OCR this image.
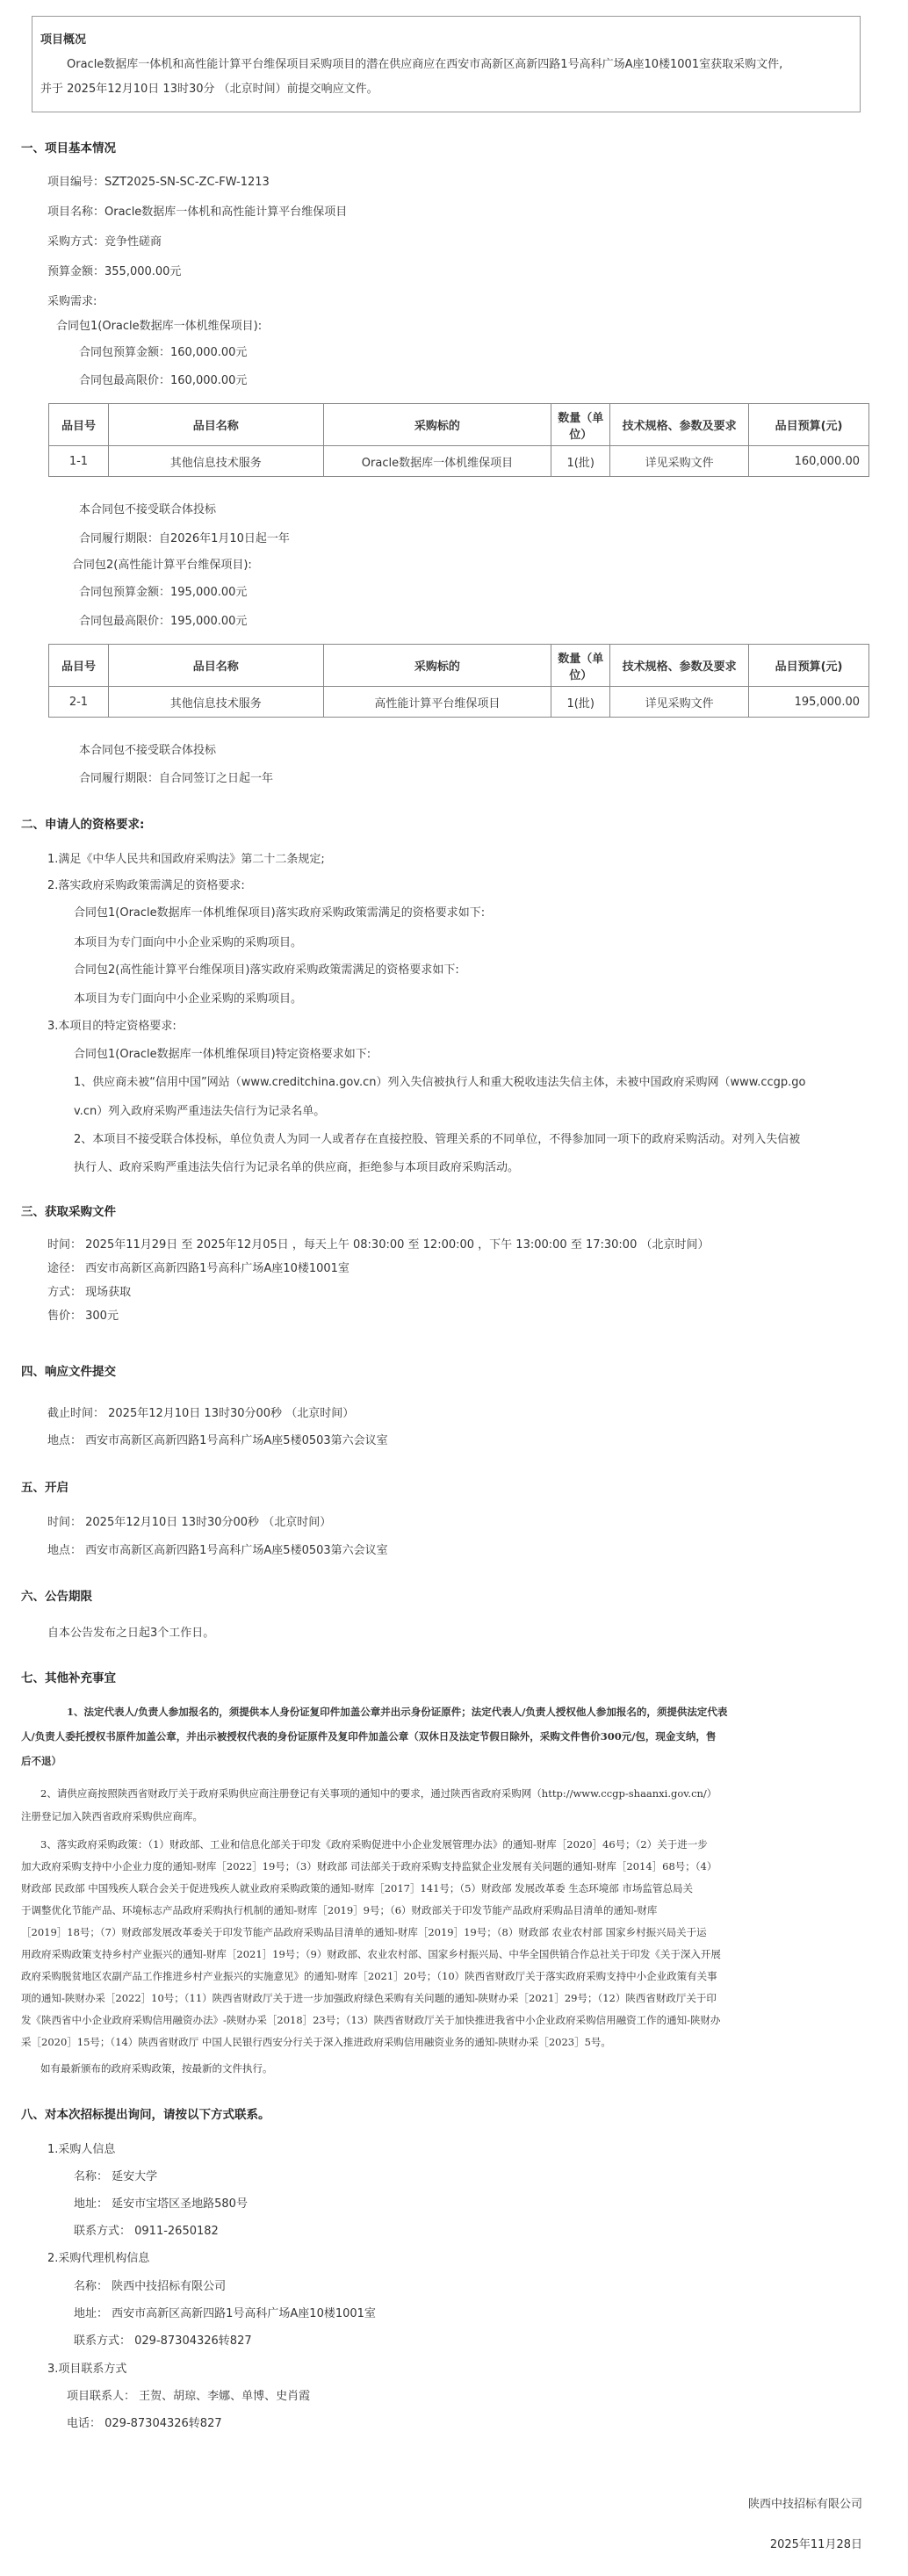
项目概况
Oracle数据库一体机和高性能计算平台维保项目采购项目的潜在供应商应在西安市高新区高新四路1号高科广场A座10楼1001室获取采购文件,
并于 2025年12月10日 13时30分 （北京时间）前提交响应文件。
一、项目基本情况
项目编号：SZT2025-SN-SC-ZC-FW-1213
项目名称：Oracle数据库一体机和高性能计算平台维保项目
采购方式：竞争性磋商
预算金额：355,000.00元
采购需求:
合同包1(Oracle数据库一体机维保项目):
合同包预算金额：160,000.00元
合同包最高限价：160,000.00元
品目号	品目名称	采购标的	数量（单
位）	技术规格、参数及要求	品目预算(元)
1-1	其他信息技术服务	Oracle数据库一体机维保项目	1(批)	详见采购文件	160,000.00
本合同包不接受联合体投标
合同履行期限：自2026年1月10日起一年
合同包2(高性能计算平台维保项目):
合同包预算金额：195,000.00元
合同包最高限价：195,000.00元
品目号	品目名称	采购标的	数量（单
位）	技术规格、参数及要求	品目预算(元)
2-1	其他信息技术服务	高性能计算平台维保项目	1(批)	详见采购文件	195,000.00
本合同包不接受联合体投标
合同履行期限：自合同签订之日起一年
二、申请人的资格要求:
1.满足《中华人民共和国政府采购法》第二十二条规定;
2.落实政府采购政策需满足的资格要求:
合同包1(Oracle数据库一体机维保项目)落实政府采购政策需满足的资格要求如下:
本项目为专门面向中小企业采购的采购项目。
合同包2(高性能计算平台维保项目)落实政府采购政策需满足的资格要求如下:
本项目为专门面向中小企业采购的采购项目。
3.本项目的特定资格要求:
合同包1(Oracle数据库一体机维保项目)特定资格要求如下:
1、供应商未被“信用中国”网站（www.creditchina.gov.cn）列入失信被执行人和重大税收违法失信主体，未被中国政府采购网（www.ccgp.go
v.cn）列入政府采购严重违法失信行为记录名单。
2、本项目不接受联合体投标，单位负责人为同一人或者存在直接控股、管理关系的不同单位，不得参加同一项下的政府采购活动。对列入失信被
执行人、政府采购严重违法失信行为记录名单的供应商，拒绝参与本项目政府采购活动。
三、获取采购文件
时间： 2025年11月29日 至 2025年12月05日 ，每天上午 08:30:00 至 12:00:00 ，下午 13:00:00 至 17:30:00 （北京时间）
途径： 西安市高新区高新四路1号高科广场A座10楼1001室
方式： 现场获取
售价： 300元
四、响应文件提交
截止时间： 2025年12月10日 13时30分00秒 （北京时间）
地点： 西安市高新区高新四路1号高科广场A座5楼0503第六会议室
五、开启
时间： 2025年12月10日 13时30分00秒 （北京时间）
地点： 西安市高新区高新四路1号高科广场A座5楼0503第六会议室
六、公告期限
自本公告发布之日起3个工作日。
七、其他补充事宜
1、法定代表人/负责人参加报名的，须提供本人身份证复印件加盖公章并出示身份证原件；法定代表人/负责人授权他人参加报名的，须提供法定代表
人/负责人委托授权书原件加盖公章，并出示被授权代表的身份证原件及复印件加盖公章（双休日及法定节假日除外，采购文件售价300元/包，现金支纳，售
后不退）
2、请供应商按照陕西省财政厅关于政府采购供应商注册登记有关事项的通知中的要求，通过陕西省政府采购网（http://www.ccgp-shaanxi.gov.cn/）
注册登记加入陕西省政府采购供应商库。
3、落实政府采购政策：（1）财政部、工业和信息化部关于印发《政府采购促进中小企业发展管理办法》的通知-财库［2020］46号；（2）关于进一步
加大政府采购支持中小企业力度的通知-财库［2022］19号；（3）财政部 司法部关于政府采购支持监狱企业发展有关问题的通知-财库［2014］68号；（4）
财政部 民政部 中国残疾人联合会关于促进残疾人就业政府采购政策的通知-财库［2017］141号；（5）财政部 发展改革委 生态环境部 市场监管总局关
于调整优化节能产品、环境标志产品政府采购执行机制的通知-财库［2019］9号；（6）财政部关于印发节能产品政府采购品目清单的通知-财库
［2019］18号；（7）财政部发展改革委关于印发节能产品政府采购品目清单的通知-财库［2019］19号；（8）财政部 农业农村部 国家乡村振兴局关于运
用政府采购政策支持乡村产业振兴的通知-财库［2021］19号；（9）财政部、农业农村部、国家乡村振兴局、中华全国供销合作总社关于印发《关于深入开展
政府采购脱贫地区农副产品工作推进乡村产业振兴的实施意见》的通知-财库［2021］20号；（10）陕西省财政厅关于落实政府采购支持中小企业政策有关事
项的通知-陕财办采［2022］10号；（11）陕西省财政厅关于进一步加强政府绿色采购有关问题的通知-陕财办采［2021］29号；（12）陕西省财政厅关于印
发《陕西省中小企业政府采购信用融资办法》-陕财办采［2018］23号；（13）陕西省财政厅关于加快推进我省中小企业政府采购信用融资工作的通知-陕财办
采［2020］15号；（14）陕西省财政厅 中国人民银行西安分行关于深入推进政府采购信用融资业务的通知-陕财办采［2023］5号。
如有最新颁布的政府采购政策，按最新的文件执行。
八、对本次招标提出询问，请按以下方式联系。
1.采购人信息
名称： 延安大学
地址： 延安市宝塔区圣地路580号
联系方式： 0911-2650182
2.采购代理机构信息
名称： 陕西中技招标有限公司
地址： 西安市高新区高新四路1号高科广场A座10楼1001室
联系方式： 029-87304326转827
3.项目联系方式
项目联系人： 王贺、胡琼、李娜、单博、史肖霞
电话： 029-87304326转827
陕西中技招标有限公司
2025年11月28日
